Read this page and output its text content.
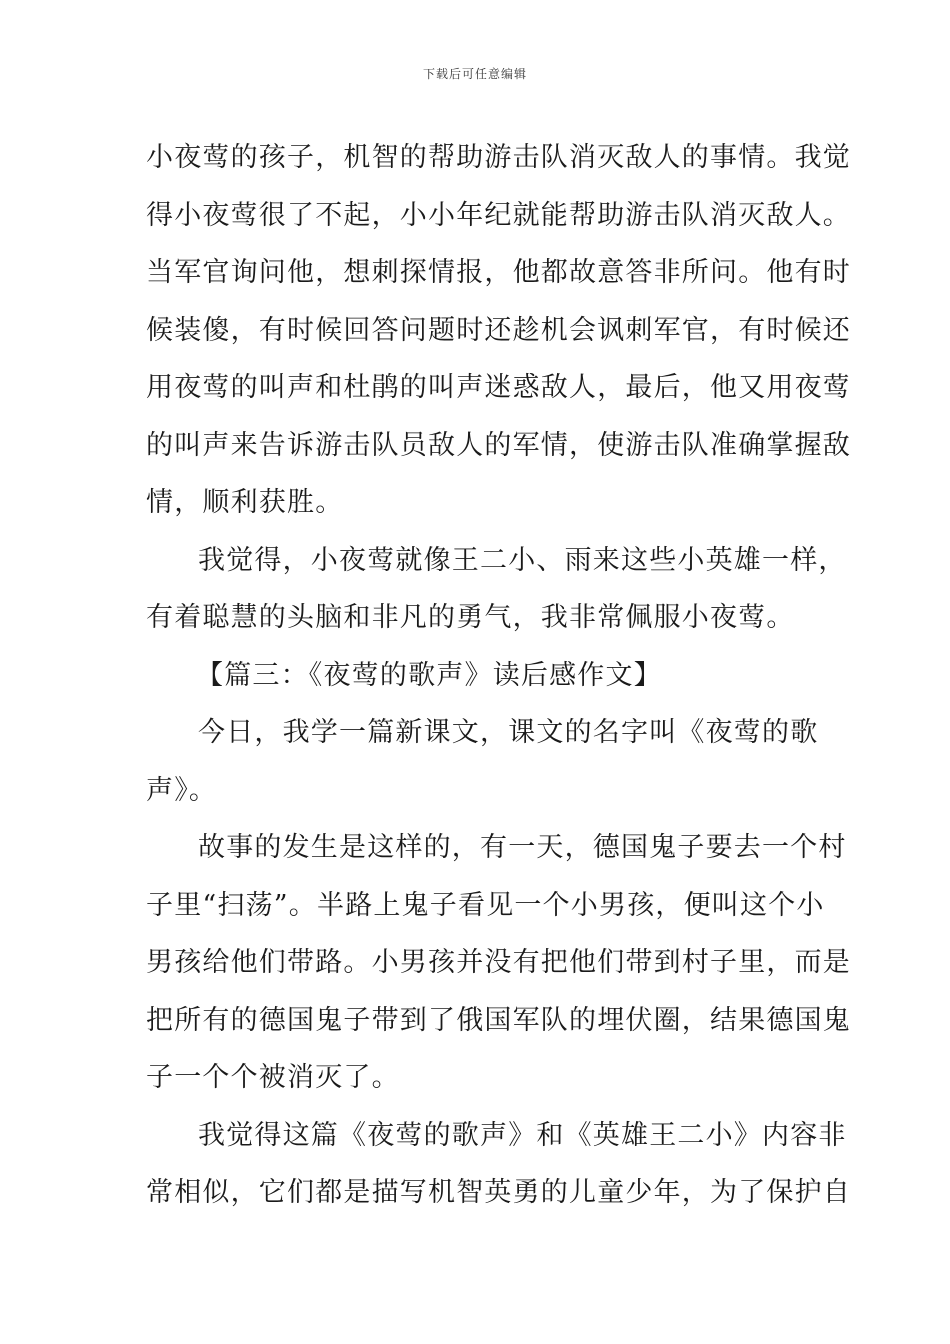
下载后可任意编辑
小夜莺的孩子，机智的帮助游击队消灭敌人的事情。我觉
得小夜莺很了不起，小小年纪就能帮助游击队消灭敌人。
当军官询问他，想刺探情报，他都故意答非所问。他有时
候装傻，有时候回答问题时还趁机会讽刺军官，有时候还
用夜莺的叫声和杜鹃的叫声迷惑敌人，最后，他又用夜莺
的叫声来告诉游击队员敌人的军情，使游击队准确掌握敌
情，顺利获胜。
我觉得，小夜莺就像王二小、雨来这些小英雄一样，
有着聪慧的头脑和非凡的勇气，我非常佩服小夜莺。
【篇三：《夜莺的歌声》读后感作文】
今日，我学一篇新课文，课文的名字叫《夜莺的歌
声》。
故事的发生是这样的，有一天，德国鬼子要去一个村
子里“扫荡”。半路上鬼子看见一个小男孩，便叫这个小
男孩给他们带路。小男孩并没有把他们带到村子里，而是
把所有的德国鬼子带到了俄国军队的埋伏圈，结果德国鬼
子一个个被消灭了。
我觉得这篇《夜莺的歌声》和《英雄王二小》内容非
常相似，它们都是描写机智英勇的儿童少年，为了保护自
